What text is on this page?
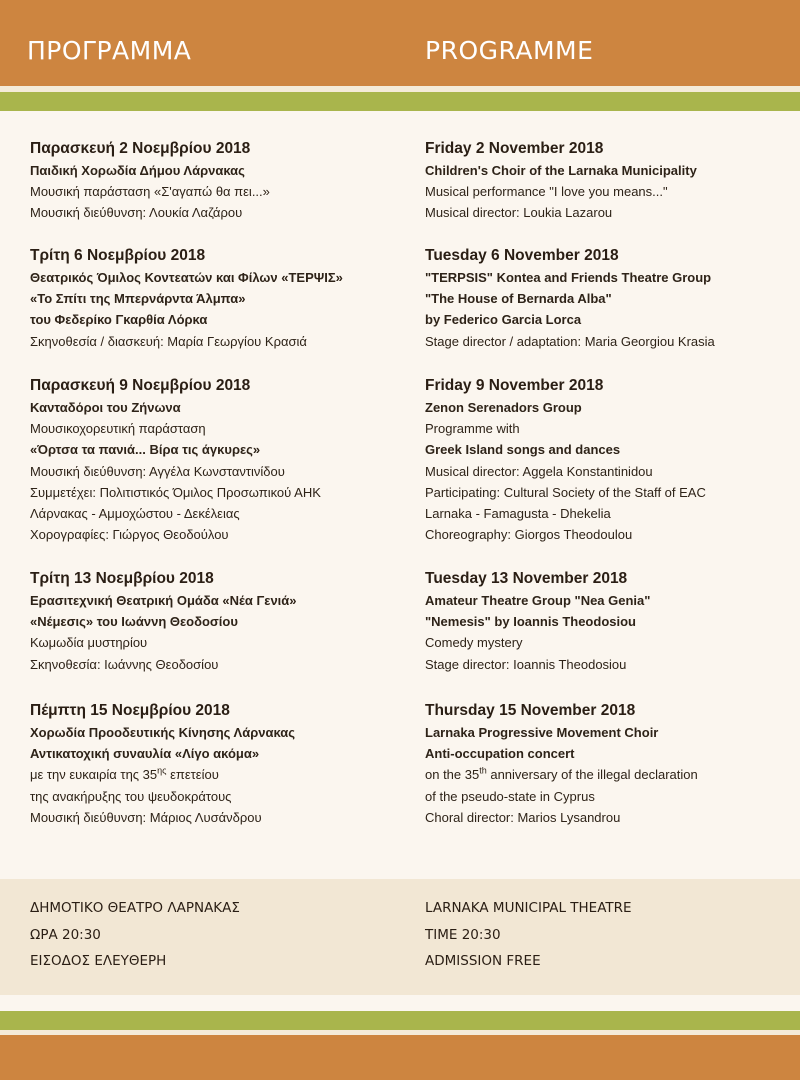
ΠΡΟΓΡΑΜΜΑ	PROGRAMME
Παρασκευή 2 Νοεμβρίου 2018
Παιδική Χορωδία Δήμου Λάρνακας
Μουσική παράσταση «Σ'αγαπώ θα πει...»
Μουσική διεύθυνση: Λουκία Λαζάρου
Τρίτη 6 Νοεμβρίου 2018
Θεατρικός Όμιλος Κοντεατών και Φίλων «ΤΕΡΨΙΣ»
«Το Σπίτι της Μπερνάρντα Άλμπα»
του Φεδερίκο Γκαρθία Λόρκα
Σκηνοθεσία / διασκευή: Μαρία Γεωργίου Κρασιά
Παρασκευή 9 Νοεμβρίου 2018
Κανταδόροι του Ζήνωνα
Μουσικοχορευτική παράσταση
«Όρτσα τα πανιά... Βίρα τις άγκυρες»
Μουσική διεύθυνση: Αγγέλα Κωνσταντινίδου
Συμμετέχει: Πολιτιστικός Όμιλος Προσωπικού ΑΗΚ
Λάρνακας - Αμμοχώστου - Δεκέλειας
Χορογραφίες: Γιώργος Θεοδούλου
Τρίτη 13 Νοεμβρίου 2018
Ερασιτεχνική Θεατρική Ομάδα «Νέα Γενιά»
«Νέμεσις» του Ιωάννη Θεοδοσίου
Κωμωδία μυστηρίου
Σκηνοθεσία: Ιωάννης Θεοδοσίου
Πέμπτη 15 Νοεμβρίου 2018
Χορωδία Προοδευτικής Κίνησης Λάρνακας
Αντικατοχική συναυλία «Λίγο ακόμα»
με την ευκαιρία της $35^{\eta\varsigma}$ επετείου
της ανακήρυξης του ψευδοκράτους
Μουσική διεύθυνση: Μάριος Λυσάνδρου
Friday 2 November 2018
Children's Choir of the Larnaka Municipality
Musical performance "I love you means..."
Musical director: Loukia Lazarou
Tuesday 6 November 2018
"TERPSIS" Kontea and Friends Theatre Group
"The House of Bernarda Alba"
by Federico Garcia Lorca
Stage director / adaptation: Maria Georgiou Krasia
Friday 9 November 2018
Zenon Serenadors Group
Programme with
Greek Island songs and dances
Musical director: Aggela Konstantinidou
Participating: Cultural Society of the Staff of EAC
Larnaka - Famagusta - Dhekelia
Choreography: Giorgos Theodoulou
Tuesday 13 November 2018
Amateur Theatre Group "Nea Genia"
"Nemesis" by Ioannis Theodosiou
Comedy mystery
Stage director: Ioannis Theodosiou
Thursday 15 November 2018
Larnaka Progressive Movement Choir
Anti-occupation concert
on the 35th anniversary of the illegal declaration
of the pseudo-state in Cyprus
Choral director: Marios Lysandrou
ΔΗΜΟΤΙΚΟ ΘΕΑΤΡΟ ΛΑΡΝΑΚΑΣ
ΩΡΑ 20:30
ΕΙΣΟΔΟΣ ΕΛΕΥΘΕΡΗ
LARNAKA MUNICIPAL THEATRE
TIME 20:30
ADMISSION FREE
